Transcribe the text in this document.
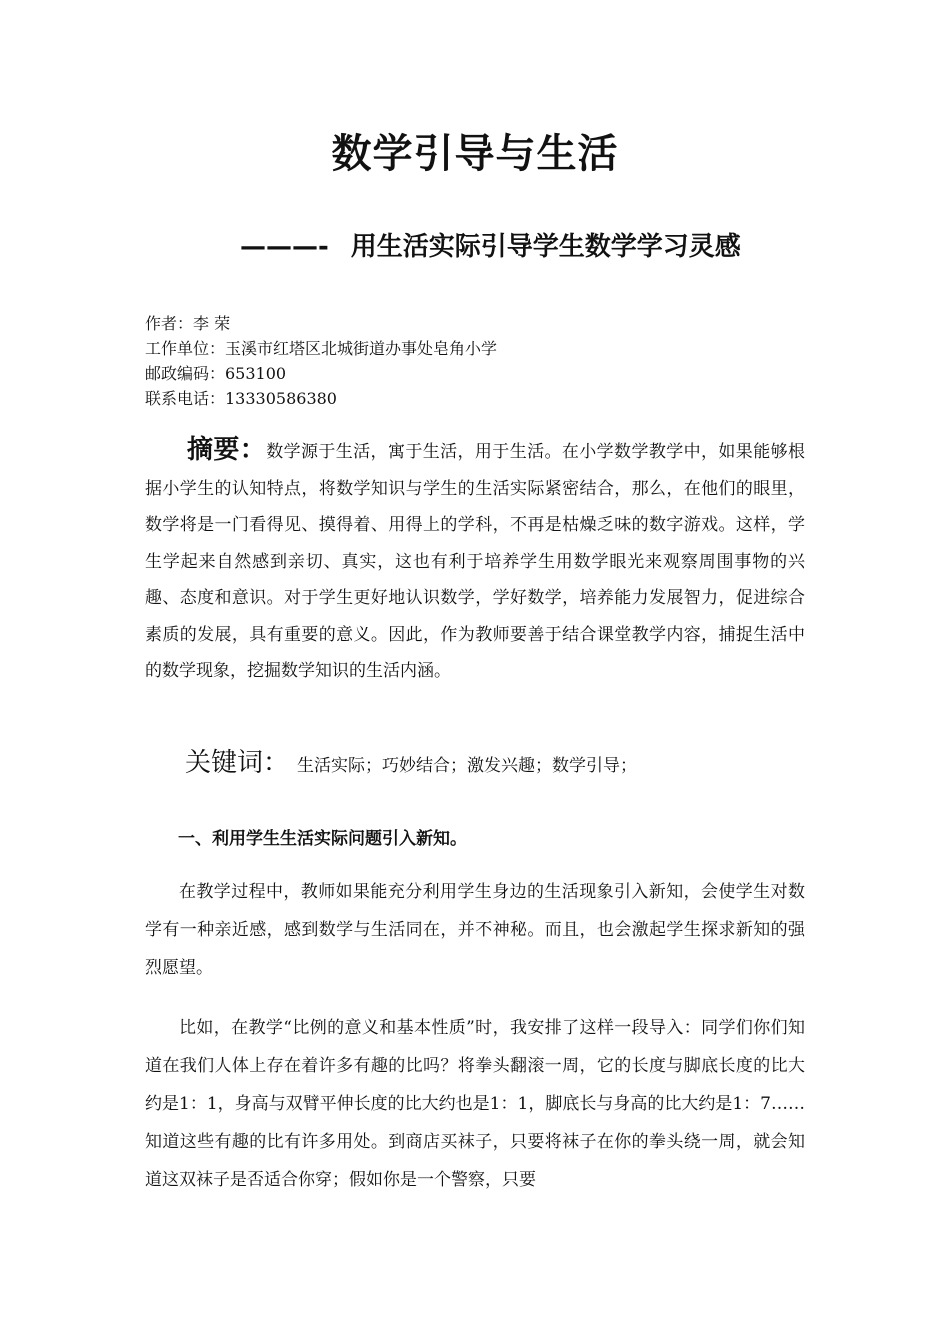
数学引导与生活
———- 用生活实际引导学生数学学习灵感
作者：李 荣
工作单位：玉溪市红塔区北城街道办事处皂角小学
邮政编码：653100
联系电话：13330586380
摘要：数学源于生活，寓于生活，用于生活。在小学数学教学中，如果能够根据小学生的认知特点，将数学知识与学生的生活实际紧密结合，那么，在他们的眼里，数学将是一门看得见、摸得着、用得上的学科，不再是枯燥乏味的数字游戏。这样，学生学起来自然感到亲切、真实，这也有利于培养学生用数学眼光来观察周围事物的兴趣、态度和意识。对于学生更好地认识数学，学好数学，培养能力发展智力，促进综合素质的发展，具有重要的意义。因此，作为教师要善于结合课堂教学内容，捕捉生活中的数学现象，挖掘数学知识的生活内涵。
关键词： 生活实际；巧妙结合；激发兴趣；数学引导；
一、利用学生生活实际问题引入新知。

在教学过程中，教师如果能充分利用学生身边的生活现象引入新知，会使学生对数学有一种亲近感，感到数学与生活同在，并不神秘。而且，也会激起学生探求新知的强烈愿望。

比如，在教学“比例的意义和基本性质”时，我安排了这样一段导入：同学们你们知道在我们人体上存在着许多有趣的比吗？将拳头翻滚一周，它的长度与脚底长度的比大约是1：1，身高与双臂平伸长度的比大约也是1：1，脚底长与身高的比大约是1：7……知道这些有趣的比有许多用处。到商店买袜子，只要将袜子在你的拳头绕一周，就会知道这双袜子是否适合你穿；假如你是一个警察，只要
